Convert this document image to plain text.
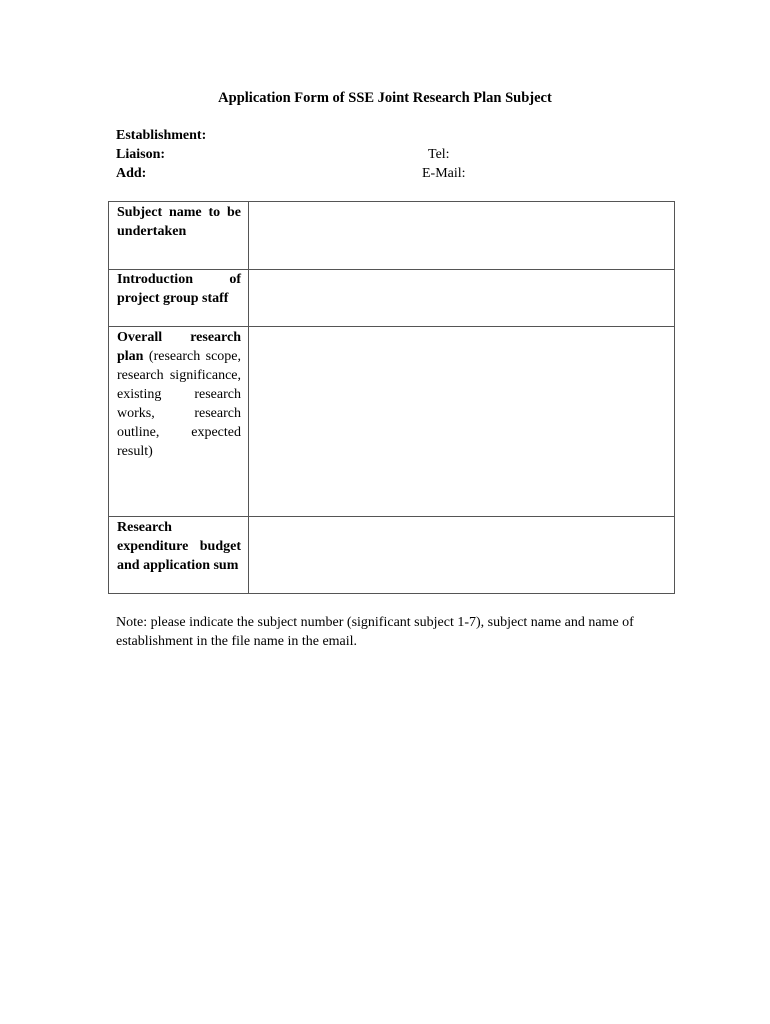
Application Form of SSE Joint Research Plan Subject
Establishment:
Liaison:
Add:
Tel:
E-Mail:
Subject name to be undertaken	
Introduction of project group staff	
Overall research plan (research scope, research significance, existing research works, research outline, expected result)	
Research expenditure budget and application sum	
Note: please indicate the subject number (significant subject 1-7), subject name and name of establishment in the file name in the email.
